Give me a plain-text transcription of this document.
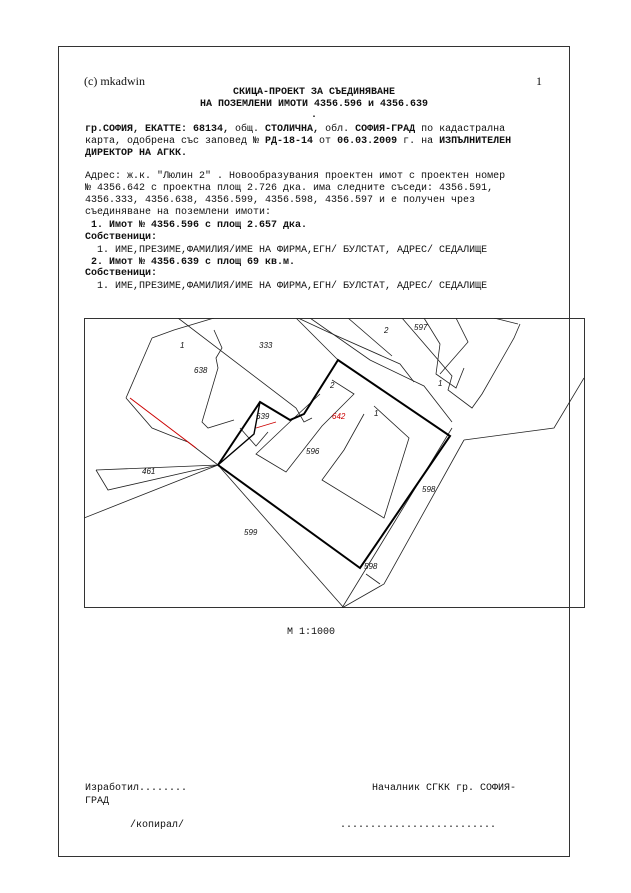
(c) mkadwin	1
СКИЦА-ПРОЕКТ ЗА СЪЕДИНЯВАНЕ
НА ПОЗЕМЛЕНИ ИМОТИ 4356.596 и 4356.639
.
гр.СОФИЯ, ЕКАТТЕ: 68134, общ. СТОЛИЧНА, обл. СОФИЯ-ГРАД по кадастрална
карта, одобрена със заповед № РД-18-14 от 06.03.2009 г. на ИЗПЪЛНИТЕЛЕН
ДИРЕКТОР НА АГКК.
Адрес: ж.к. "Люлин 2" . Новообразувания проектен имот с проектен номер
№ 4356.642 с проектна площ 2.726 дка. има следните съседи: 4356.591,
4356.333, 4356.638, 4356.599, 4356.598, 4356.597 и е получен чрез
съединяване на поземлени имоти:
1. Имот № 4356.596 с площ 2.657 дка.
Собственици:
1. ИМЕ,ПРЕЗИМЕ,ФАМИЛИЯ/ИМЕ НА ФИРМА,ЕГН/ БУЛСТАТ, АДРЕС/ СЕДАЛИЩЕ
2. Имот № 4356.639 с площ 69 кв.м.
Собственици:
1. ИМЕ,ПРЕЗИМЕ,ФАМИЛИЯ/ИМЕ НА ФИРМА,ЕГН/ БУЛСТАТ, АДРЕС/ СЕДАЛИЩЕ
333
638
639	642
596
461
599
598
598
597
1
2
2
1
1
М 1:1000
Изработил........	Началник СГКК гр. СОФИЯ-
ГРАД
/копирал/	..........................
